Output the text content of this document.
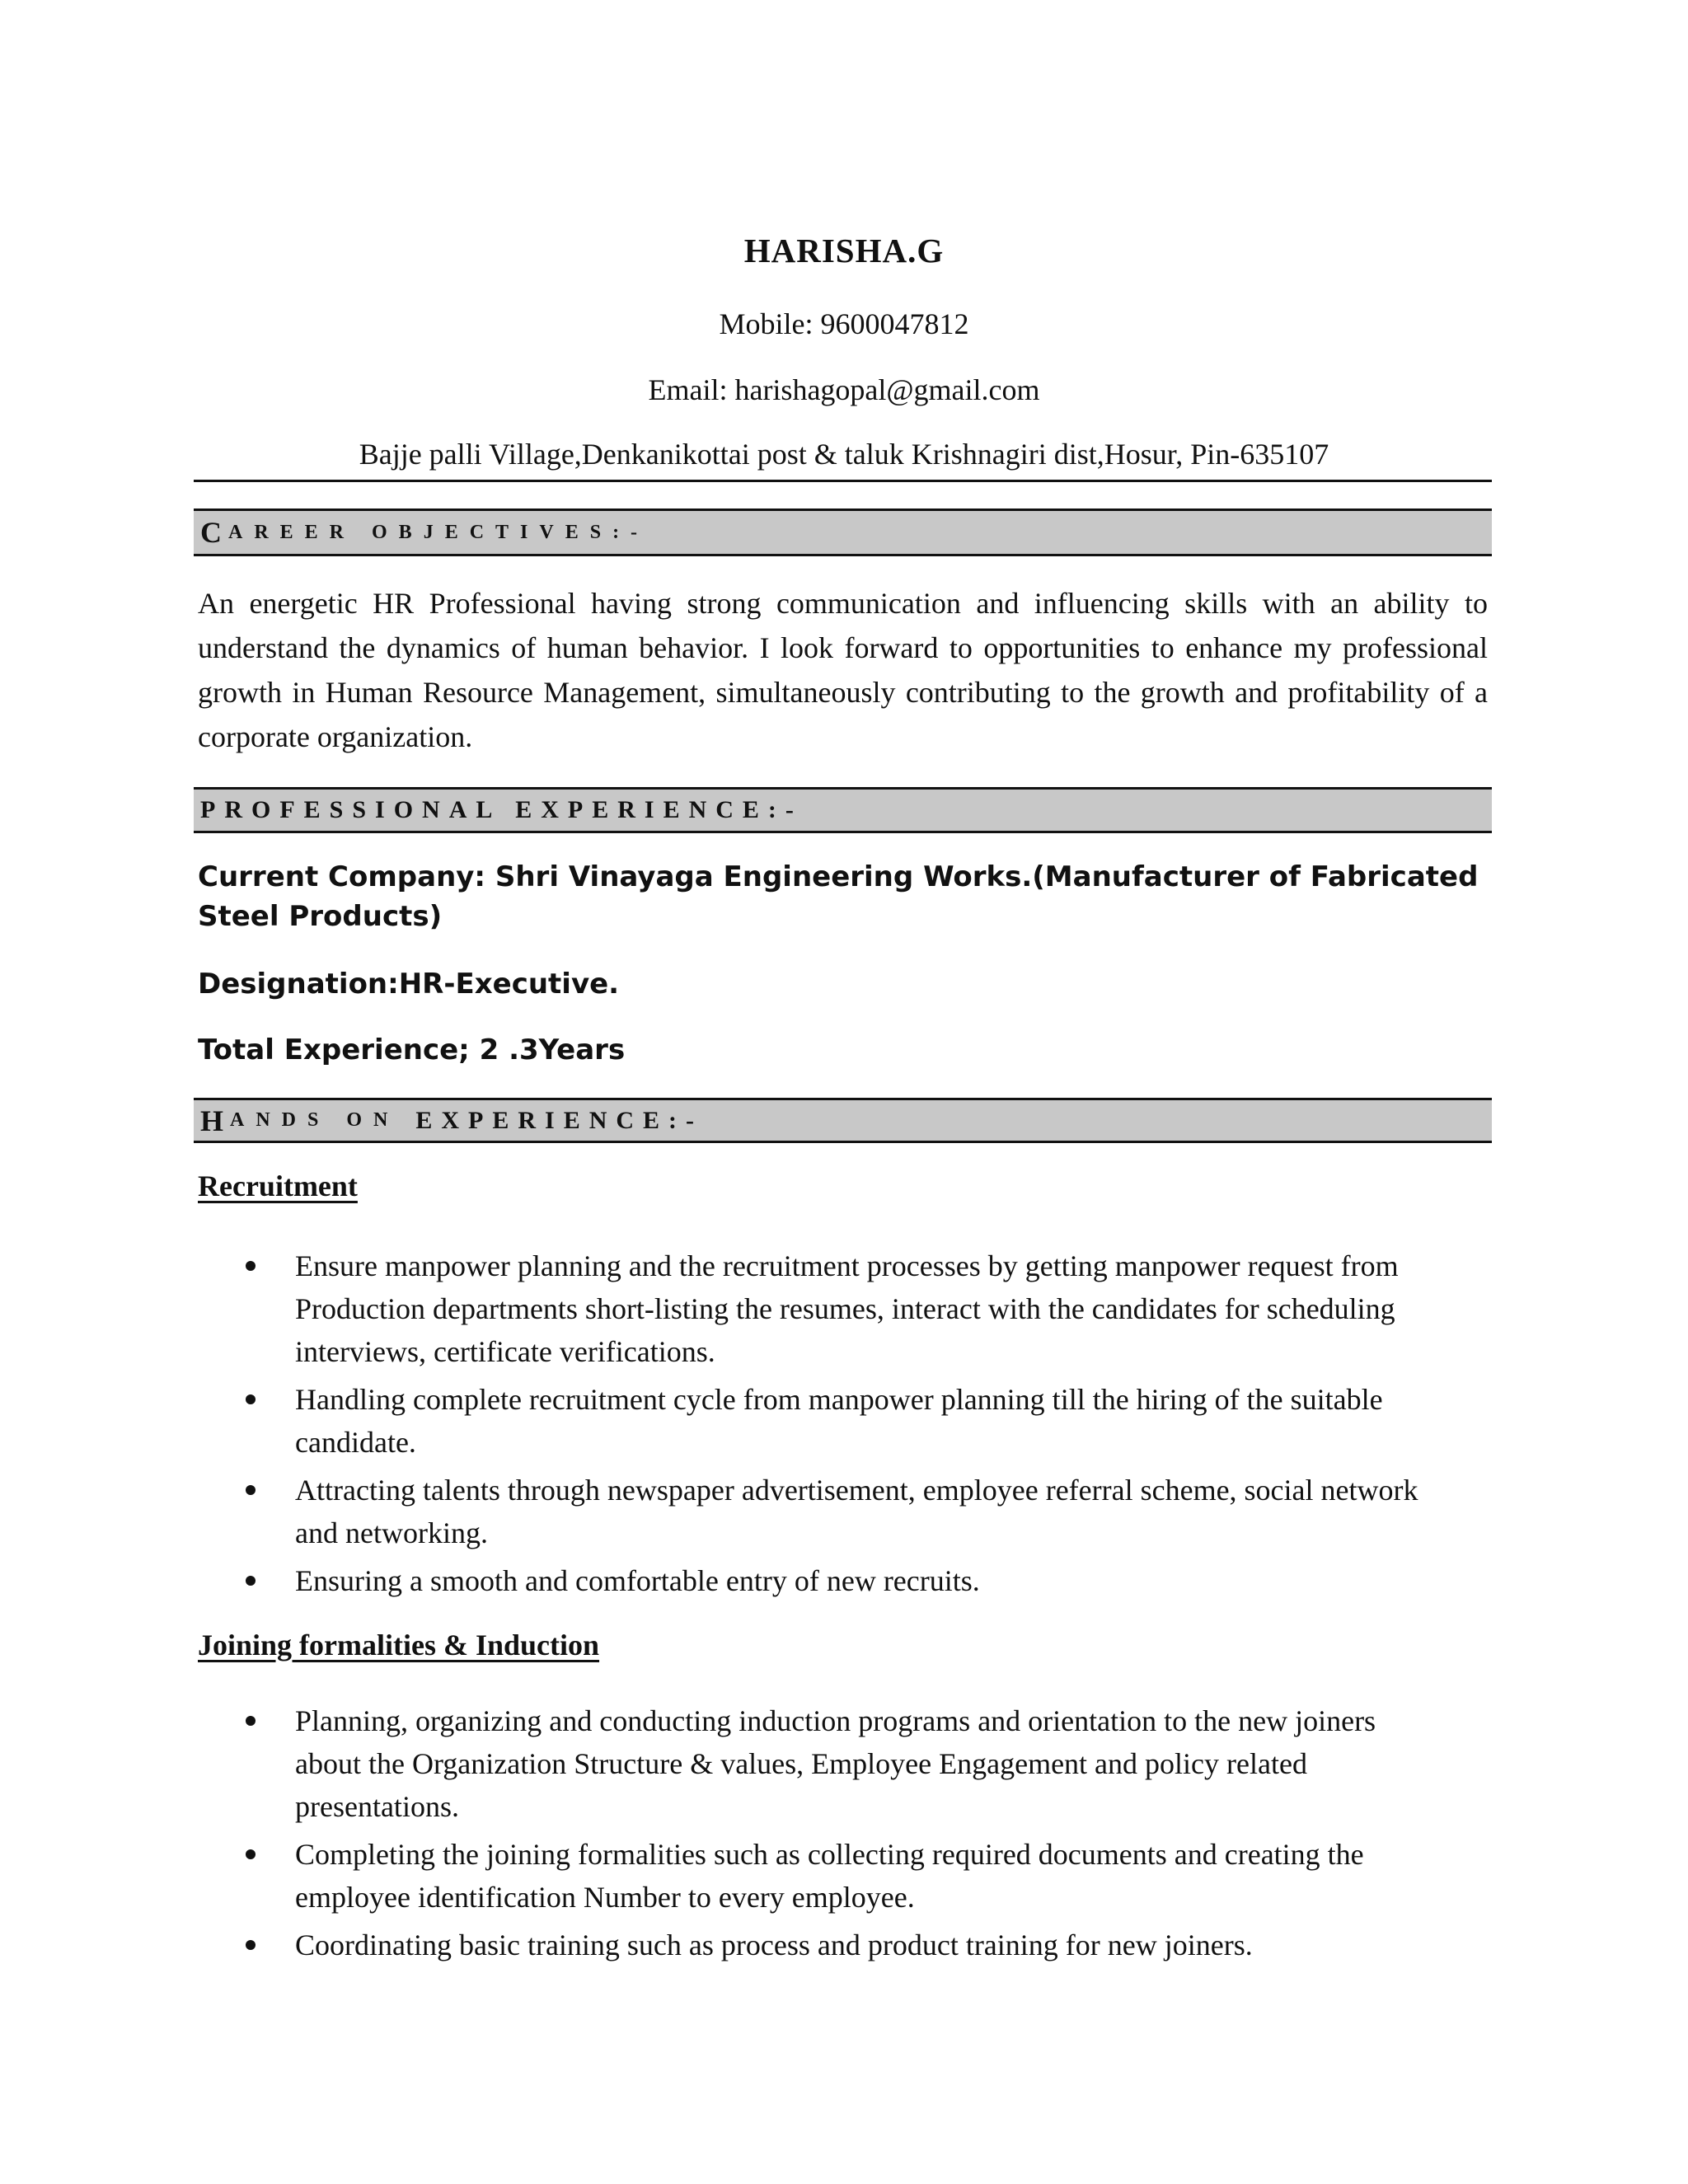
HARISHA.G
Mobile: 9600047812
Email: harishagopal@gmail.com
Bajje palli Village,Denkanikottai post & taluk Krishnagiri dist,Hosur, Pin-635107
C AREER OBJECTIVES:-

An energetic HR Professional having strong communication and influencing skills with an ability to understand the dynamics of human behavior. I look forward to opportunities to enhance my professional growth in Human Resource Management, simultaneously contributing to the growth and profitability of a corporate organization.

PROFESSIONAL EXPERIENCE:-

Current Company: Shri Vinayaga Engineering Works.(Manufacturer of Fabricated Steel Products)

Designation:HR-Executive.

Total Experience; 2 .3Years

H ANDS ON EXPERIENCE:-
Recruitment
Ensure manpower planning and the recruitment processes by getting manpower request from Production departments short-listing the resumes, interact with the candidates for scheduling interviews, certificate verifications.
Handling complete recruitment cycle from manpower planning till the hiring of the suitable candidate.
Attracting talents through newspaper advertisement, employee referral scheme, social network and networking.
Ensuring a smooth and comfortable entry of new recruits.
Joining formalities & Induction
Planning, organizing and conducting induction programs and orientation to the new joiners about the Organization Structure & values, Employee Engagement and policy related presentations.
Completing the joining formalities such as collecting required documents and creating the employee identification Number to every employee.
Coordinating basic training such as process and product training for new joiners.
